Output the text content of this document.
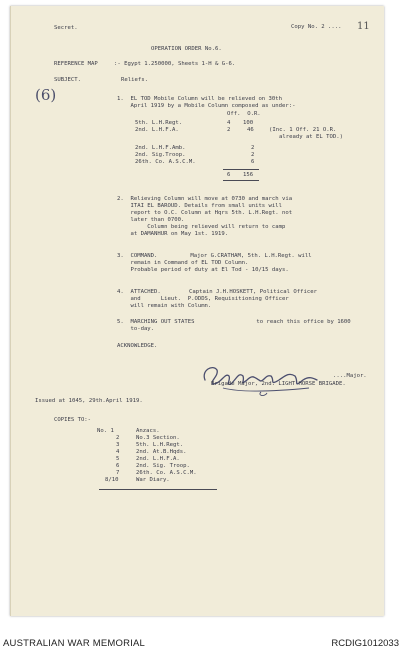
Secret.	Copy No. 2 .... 11
OPERATION ORDER No.6.
REFERENCE MAP	:- Egypt 1.250000, Sheets 1-H & G-6.
SUBJECT.	Reliefs.
(6)	1.  EL TOD Mobile Column will be relieved on 30th
April 1919 by a Mobile Column composed as under:-
Off.  O.R.
5th. L.H.Regt.	4 100
2nd. L.H.F.A.	2	46	(Inc. 1 Off. 21 O.R.
already at EL TOD.)
2nd. L.H.F.Amb.	2
2nd. Sig.Troop.	2
26th. Co. A.S.C.M.	6
6 156
2.  Relieving Column will move at 0730 and march via
ITAI EL BAROUD. Details from small units will
report to O.C. Column at Hqrs 5th. L.H.Regt. not
later than 0700.
Column being relieved will return to camp
at DAMANHUR on May 1st. 1919.
3.  COMMAND.	Major G.CRATHAM, 5th. L.H.Regt. will
remain in Command of EL TOD Column.
Probable period of duty at El Tod - 10/15 days.
4.  ATTACHED.	Captain J.H.HOSKETT, Political Officer
and      Lieut.  P.ODDS, Requisitioning Officer
will remain with Column.
5.  MARCHING OUT STATES	to reach this office by 1600
to-day.
ACKNOWLEDGE.
....Major.
Brigade Major, 2nd. LIGHT HORSE BRIGADE.
Issued at 1045, 29th.April 1919.
COPIES TO:-
No. 1	Anzacs.
2	No.3 Section.
3	5th. L.H.Regt.
4	2nd. At.B.Hqds.
5	2nd. L.H.F.A.
6	2nd. Sig. Troop.
7	26th. Co. A.S.C.M.
8/10	War Diary.
AUSTRALIAN WAR MEMORIAL	RCDIG1012033
